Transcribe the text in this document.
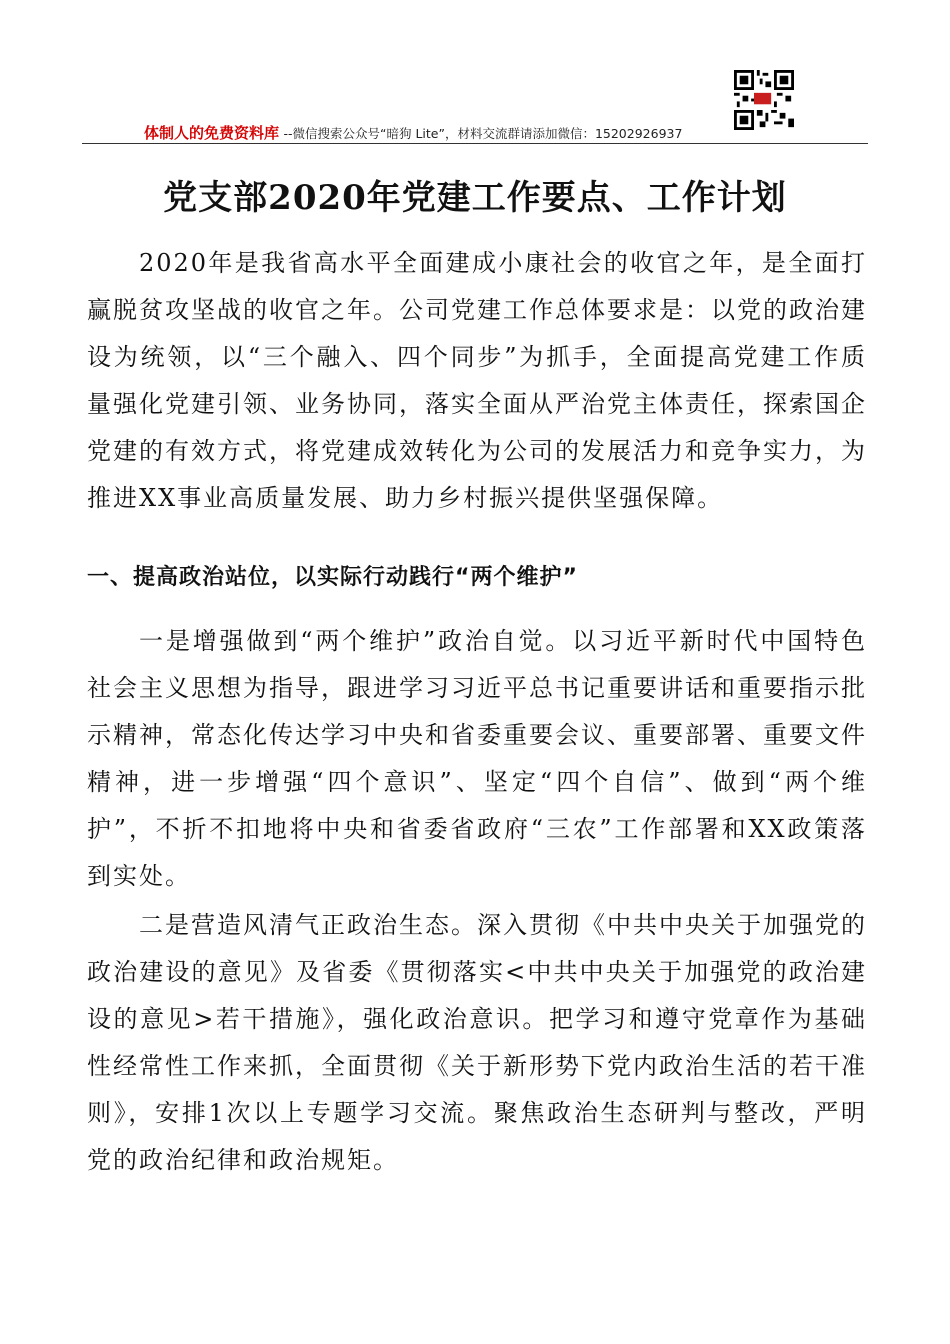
体制人的免费资料库 --微信搜索公众号“暗狗 Lite”，材料交流群请添加微信：15202926937
党支部2020年党建工作要点、工作计划

2020年是我省高水平全面建成小康社会的收官之年，是全面打赢脱贫攻坚战的收官之年。公司党建工作总体要求是：以党的政治建设为统领，以“三个融入、四个同步”为抓手，全面提高党建工作质量强化党建引领、业务协同，落实全面从严治党主体责任，探索国企党建的有效方式，将党建成效转化为公司的发展活力和竞争实力，为推进XX事业高质量发展、助力乡村振兴提供坚强保障。

一、提高政治站位，以实际行动践行“两个维护”

一是增强做到“两个维护”政治自觉。以习近平新时代中国特色社会主义思想为指导，跟进学习习近平总书记重要讲话和重要指示批示精神，常态化传达学习中央和省委重要会议、重要部署、重要文件精神，进一步增强“四个意识”、坚定“四个自信”、做到“两个维护”，不折不扣地将中央和省委省政府“三农”工作部署和XX政策落到实处。

二是营造风清气正政治生态。深入贯彻《中共中央关于加强党的政治建设的意见》及省委《贯彻落实<中共中央关于加强党的政治建设的意见>若干措施》，强化政治意识。把学习和遵守党章作为基础性经常性工作来抓，全面贯彻《关于新形势下党内政治生活的若干准则》，安排1次以上专题学习交流。聚焦政治生态研判与整改，严明党的政治纪律和政治规矩。
